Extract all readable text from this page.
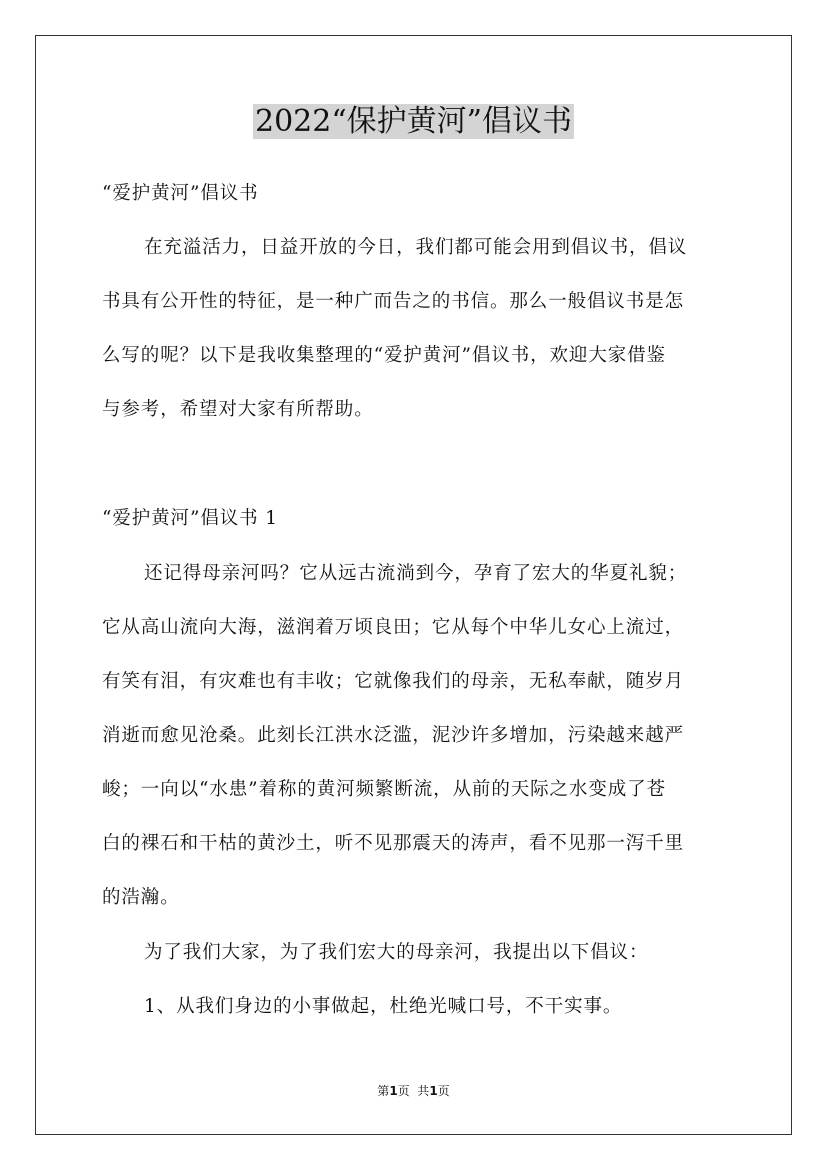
2022“保护黄河”倡议书
“爱护黄河”倡议书
在充溢活力，日益开放的今日，我们都可能会用到倡议书，倡议
书具有公开性的特征，是一种广而告之的书信。那么一般倡议书是怎
么写的呢？以下是我收集整理的“爱护黄河”倡议书，欢迎大家借鉴
与参考，希望对大家有所帮助。
“爱护黄河”倡议书 1
还记得母亲河吗？它从远古流淌到今，孕育了宏大的华夏礼貌；
它从高山流向大海，滋润着万顷良田；它从每个中华儿女心上流过，
有笑有泪，有灾难也有丰收；它就像我们的母亲，无私奉献，随岁月
消逝而愈见沧桑。此刻长江洪水泛滥，泥沙许多增加，污染越来越严
峻；一向以“水患”着称的黄河频繁断流，从前的天际之水变成了苍
白的裸石和干枯的黄沙土，听不见那震天的涛声，看不见那一泻千里
的浩瀚。
为了我们大家，为了我们宏大的母亲河，我提出以下倡议：
1、从我们身边的小事做起，杜绝光喊口号，不干实事。
第1页  共1页
